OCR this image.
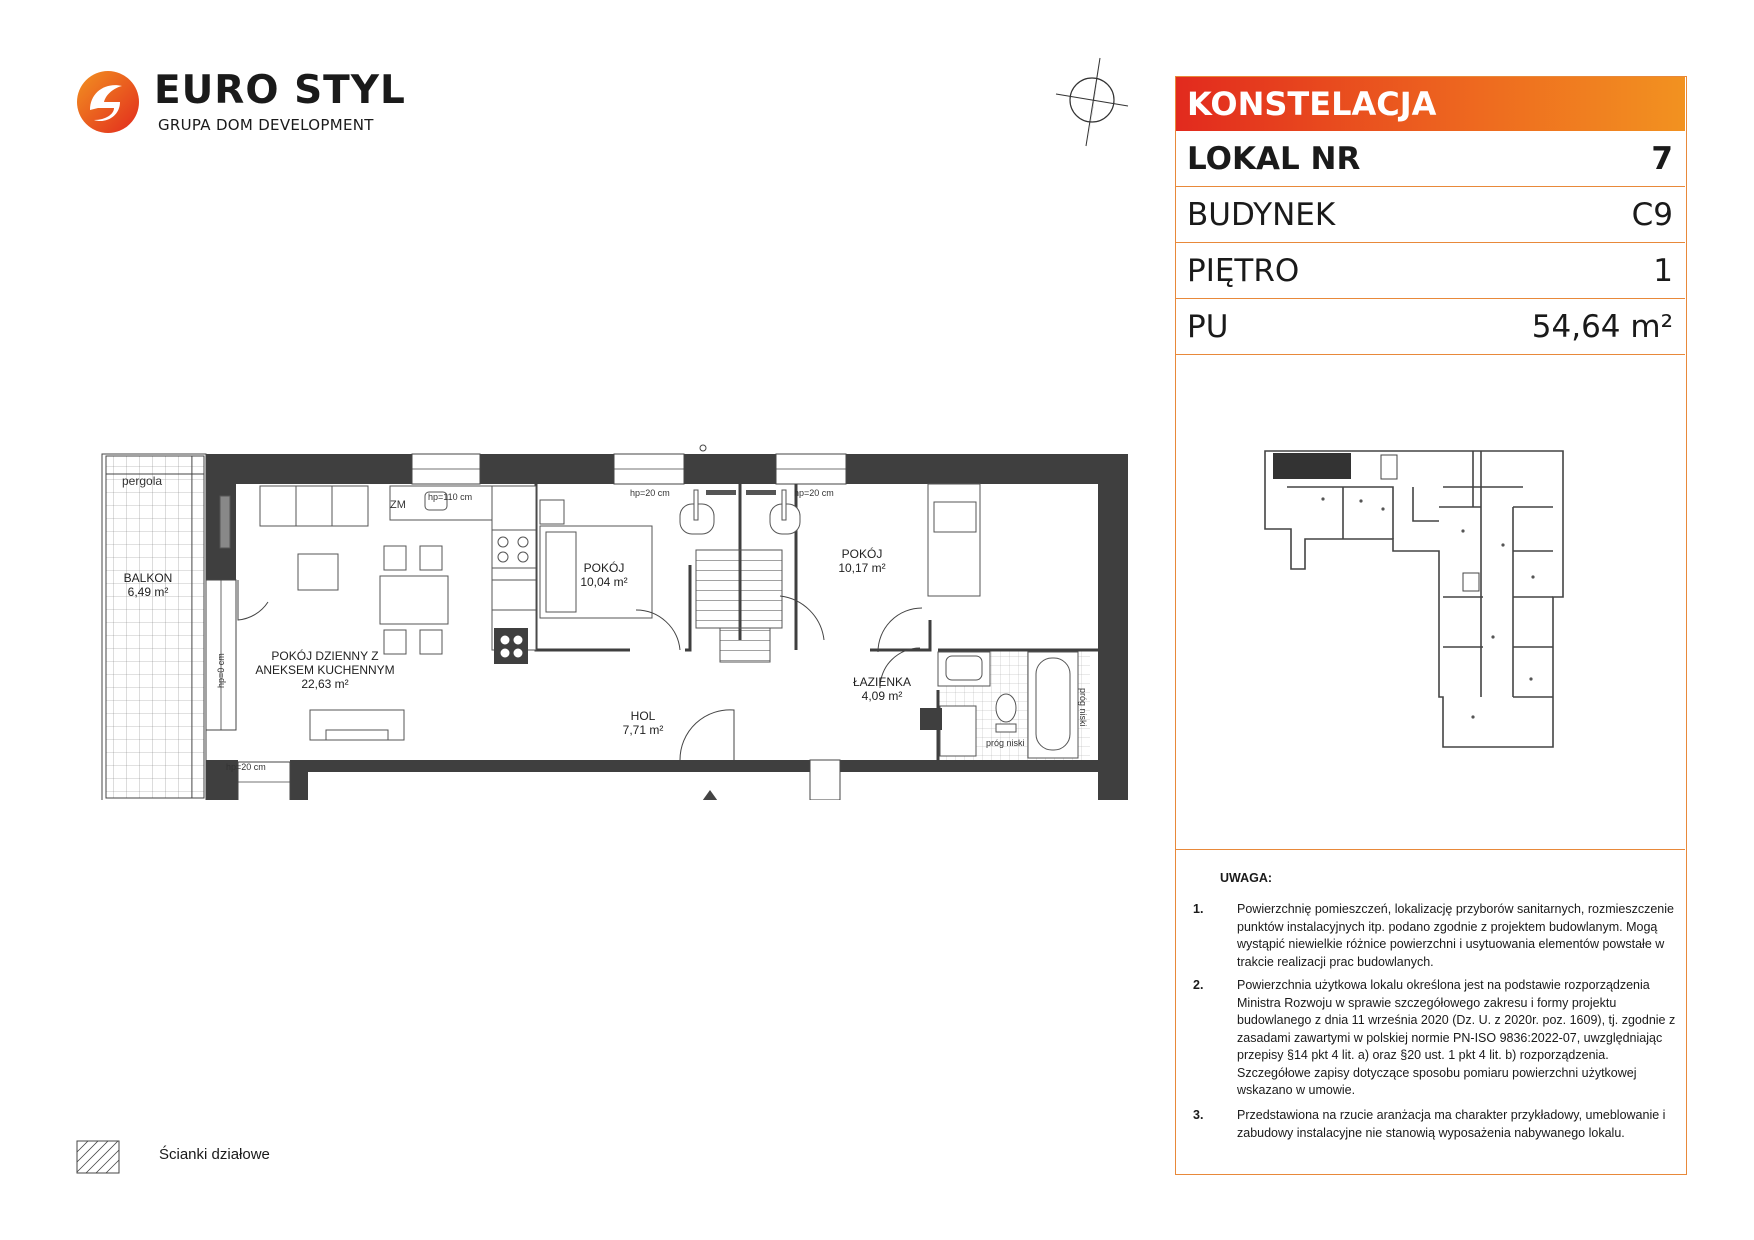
EURO STYL
GRUPA DOM DEVELOPMENT
KONSTELACJA
LOKAL NR	7
BUDYNEK	C9
PIĘTRO	1
PU	54,64 m²
UWAGA:
1.	Powierzchnię pomieszczeń, lokalizację przyborów sanitarnych, rozmieszczenie punktów instalacyjnych itp. podano zgodnie z projektem budowlanym. Mogą wystąpić niewielkie różnice powierzchni i usytuowania elementów powstałe w trakcie realizacji prac budowlanych.
2.	Powierzchnia użytkowa lokalu określona jest na podstawie rozporządzenia Ministra Rozwoju w sprawie szczegółowego zakresu i formy projektu budowlanego z dnia 11 września 2020 (Dz. U. z 2020r. poz. 1609), tj. zgodnie z zasadami zawartymi w polskiej normie PN-ISO 9836:2022-07, uwzględniając przepisy §14 pkt 4 lit. a) oraz §20 ust. 1 pkt 4 lit. b) rozporządzenia. Szczegółowe zapisy dotyczące sposobu pomiaru powierzchni użytkowej wskazano w umowie.
3.	Przedstawiona na rzucie aranżacja ma charakter przykładowy, umeblowanie i zabudowy instalacyjne nie stanowią wyposażenia nabywanego lokalu.
BALKON
6,49 m²
POKÓJ DZIENNY Z
ANEKSEM KUCHENNYM
22,63 m²
POKÓJ
10,04 m²
POKÓJ
10,17 m²
HOL
7,71 m²
ŁAZIENKA
4,09 m²
pergola
ZM
hp=110 cm	hp=20 cm	hp=20 cm
hp=20 cm
próg niski
hp=0 cm
próg niski
Ścianki działowe
